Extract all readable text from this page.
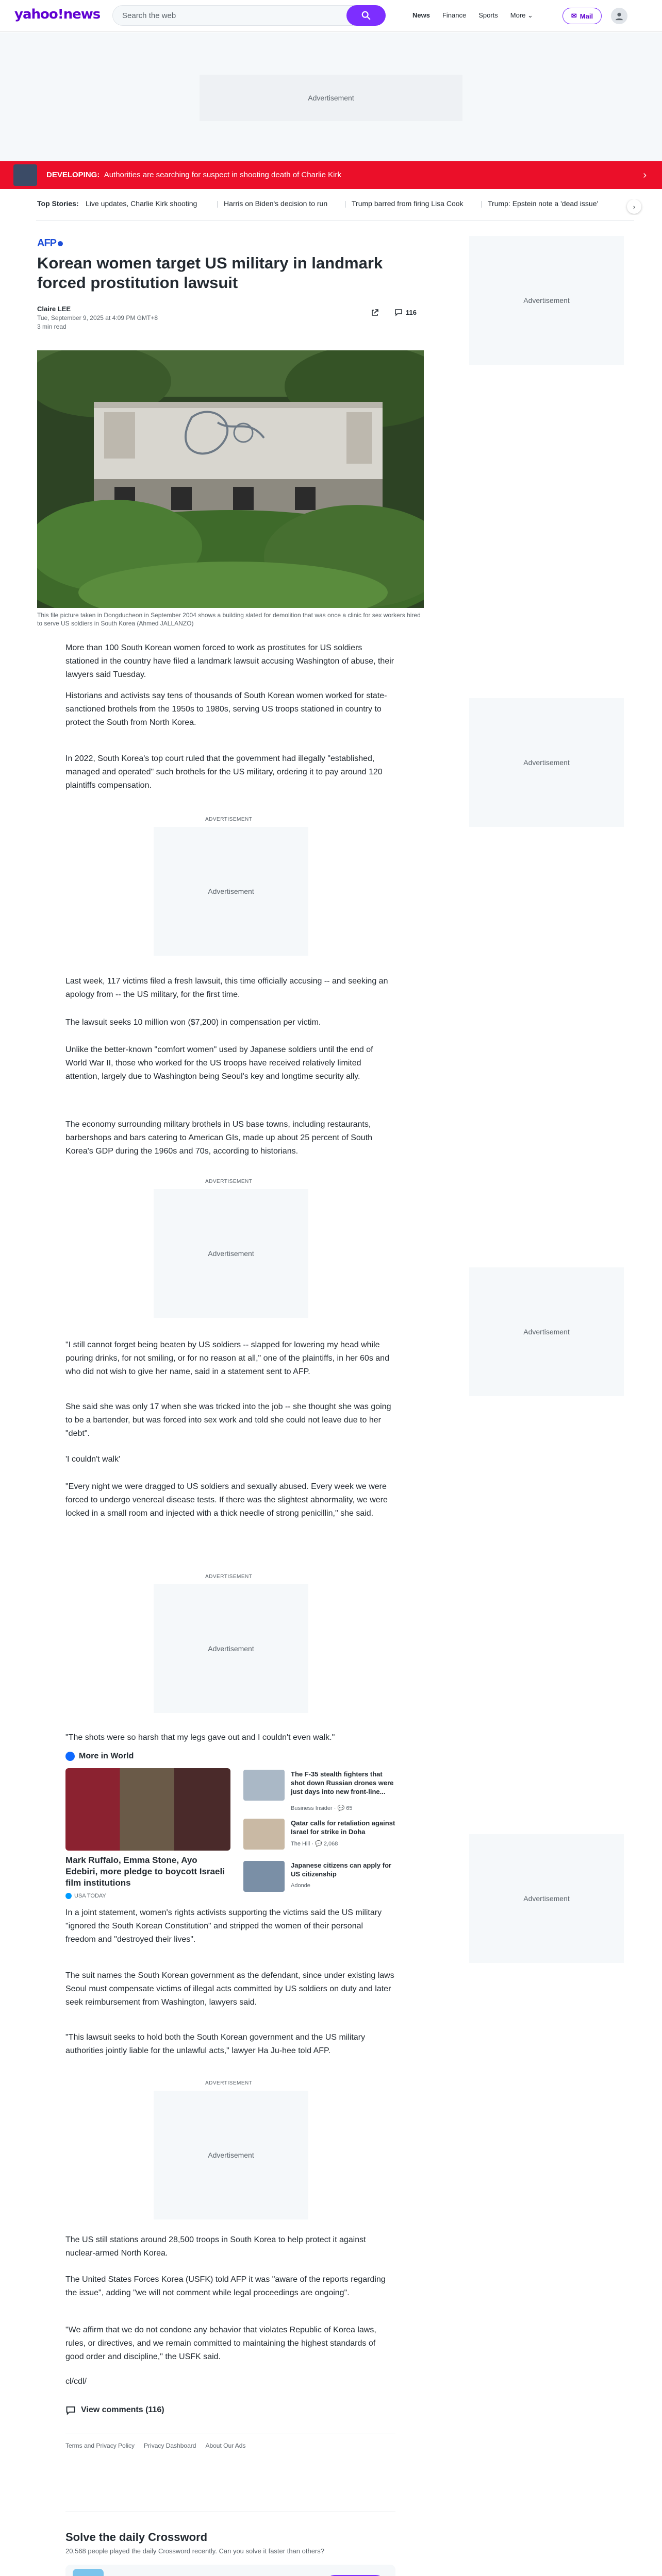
yahoo!news	Search the web	News Finance Sports More ⌄	✉ Mail
Advertisement
DEVELOPING: Authorities are searching for suspect in shooting death of Charlie Kirk	›
Top Stories: Live updates, Charlie Kirk shooting	| Harris on Biden's decision to run | Trump barred from firing Lisa Cook | Trump: Epstein note a 'dead issue'	›
AFP
Korean women target US military in landmark forced prostitution lawsuit
Claire LEE
Tue, September 9, 2025 at 4:09 PM GMT+8
3 min read
116
This file picture taken in Dongducheon in September 2004 shows a building slated for demolition that was once a clinic for sex workers hired to serve US soldiers in South Korea (Ahmed JALLANZO)

More than 100 South Korean women forced to work as prostitutes for US soldiers stationed in the country have filed a landmark lawsuit accusing Washington of abuse, their lawyers said Tuesday.

Historians and activists say tens of thousands of South Korean women worked for state-sanctioned brothels from the 1950s to 1980s, serving US troops stationed in country to protect the South from North Korea.

In 2022, South Korea's top court ruled that the government had illegally "established, managed and operated" such brothels for the US military, ordering it to pay around 120 plaintiffs compensation.

ADVERTISEMENT
Advertisement

Last week, 117 victims filed a fresh lawsuit, this time officially accusing -- and seeking an apology from -- the US military, for the first time.

The lawsuit seeks 10 million won ($7,200) in compensation per victim.

Unlike the better-known "comfort women" used by Japanese soldiers until the end of World War II, those who worked for the US troops have received relatively limited attention, largely due to Washington being Seoul's key and longtime security ally.

The economy surrounding military brothels in US base towns, including restaurants, barbershops and bars catering to American GIs, made up about 25 percent of South Korea's GDP during the 1960s and 70s, according to historians.

ADVERTISEMENT
Advertisement

"I still cannot forget being beaten by US soldiers -- slapped for lowering my head while pouring drinks, for not smiling, or for no reason at all," one of the plaintiffs, in her 60s and who did not wish to give her name, said in a statement sent to AFP.

She said she was only 17 when she was tricked into the job -- she thought she was going to be a bartender, but was forced into sex work and told she could not leave due to her "debt".

'I couldn't walk'

"Every night we were dragged to US soldiers and sexually abused. Every week we were forced to undergo venereal disease tests. If there was the slightest abnormality, we were locked in a small room and injected with a thick needle of strong penicillin," she said.

ADVERTISEMENT
Advertisement

"The shots were so harsh that my legs gave out and I couldn't even walk."

More in World
Mark Ruffalo, Emma Stone, Ayo Edebiri, more pledge to boycott Israeli film institutions
USA TODAY
The F-35 stealth fighters that shot down Russian drones were just days into new front-line...
Business Insider · 💬 65
Qatar calls for retaliation against Israel for strike in Doha
The Hill · 💬 2,068
Japanese citizens can apply for US citizenship
Adonde

In a joint statement, women's rights activists supporting the victims said the US military "ignored the South Korean Constitution" and stripped the women of their personal freedom and "destroyed their lives".

The suit names the South Korean government as the defendant, since under existing laws Seoul must compensate victims of illegal acts committed by US soldiers on duty and later seek reimbursement from Washington, lawyers said.

"This lawsuit seeks to hold both the South Korean government and the US military authorities jointly liable for the unlawful acts," lawyer Ha Ju-hee told AFP.

ADVERTISEMENT
Advertisement

The US still stations around 28,500 troops in South Korea to help protect it against nuclear-armed North Korea.

The United States Forces Korea (USFK) told AFP it was "aware of the reports regarding the issue", adding "we will not comment while legal proceedings are ongoing".

"We affirm that we do not condone any behavior that violates Republic of Korea laws, rules, or directives, and we remain committed to maintaining the highest standards of good order and discipline," the USFK said.

cl/cdl/

View comments (116)
Terms and Privacy Policy Privacy Dashboard About Our Ads
Solve the daily Crossword
20,568 people played the daily Crossword recently. Can you solve it faster than others?
Advertisement
Advertisement
Advertisement
Advertisement
